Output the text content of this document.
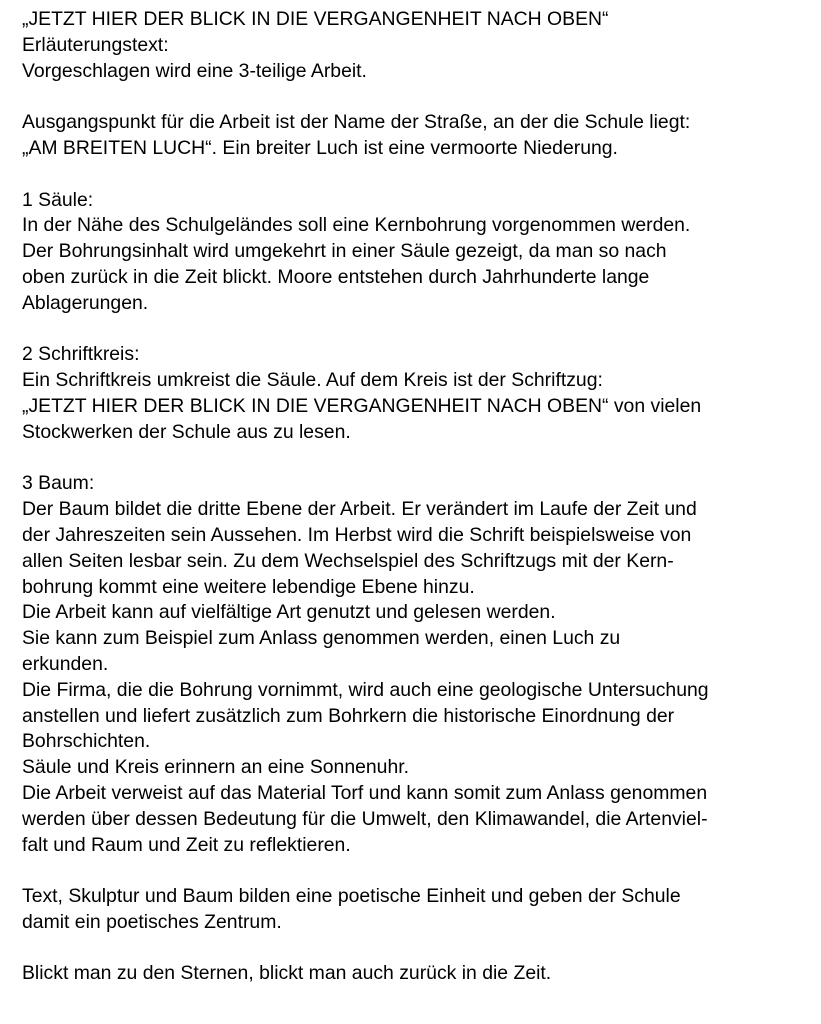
„JETZT HIER DER BLICK IN DIE VERGANGENHEIT NACH OBEN“
Erläuterungstext:
Vorgeschlagen wird eine 3-teilige Arbeit.
Ausgangspunkt für die Arbeit ist der Name der Straße, an der die Schule liegt:
„AM BREITEN LUCH“. Ein breiter Luch ist eine vermoorte Niederung.
1 Säule:
In der Nähe des Schulgeländes soll eine Kernbohrung vorgenommen werden.
Der Bohrungsinhalt wird umgekehrt in einer Säule gezeigt, da man so nach
oben zurück in die Zeit blickt. Moore entstehen durch Jahrhunderte lange
Ablagerungen.
2 Schriftkreis:
Ein Schriftkreis umkreist die Säule. Auf dem Kreis ist der Schriftzug:
„JETZT HIER DER BLICK IN DIE VERGANGENHEIT NACH OBEN“ von vielen
Stockwerken der Schule aus zu lesen.
3 Baum:
Der Baum bildet die dritte Ebene der Arbeit. Er verändert im Laufe der Zeit und
der Jahreszeiten sein Aussehen. Im Herbst wird die Schrift beispielsweise von
allen Seiten lesbar sein. Zu dem Wechselspiel des Schriftzugs mit der Kern-
bohrung kommt eine weitere lebendige Ebene hinzu.
Die Arbeit kann auf vielfältige Art genutzt und gelesen werden.
Sie kann zum Beispiel zum Anlass genommen werden, einen Luch zu
erkunden.
Die Firma, die die Bohrung vornimmt, wird auch eine geologische Untersuchung
anstellen und liefert zusätzlich zum Bohrkern die historische Einordnung der
Bohrschichten.
Säule und Kreis erinnern an eine Sonnenuhr.
Die Arbeit verweist auf das Material Torf und kann somit zum Anlass genommen
werden über dessen Bedeutung für die Umwelt, den Klimawandel, die Artenviel-
falt und Raum und Zeit zu reflektieren.
Text, Skulptur und Baum bilden eine poetische Einheit und geben der Schule
damit ein poetisches Zentrum.
Blickt man zu den Sternen, blickt man auch zurück in die Zeit.
